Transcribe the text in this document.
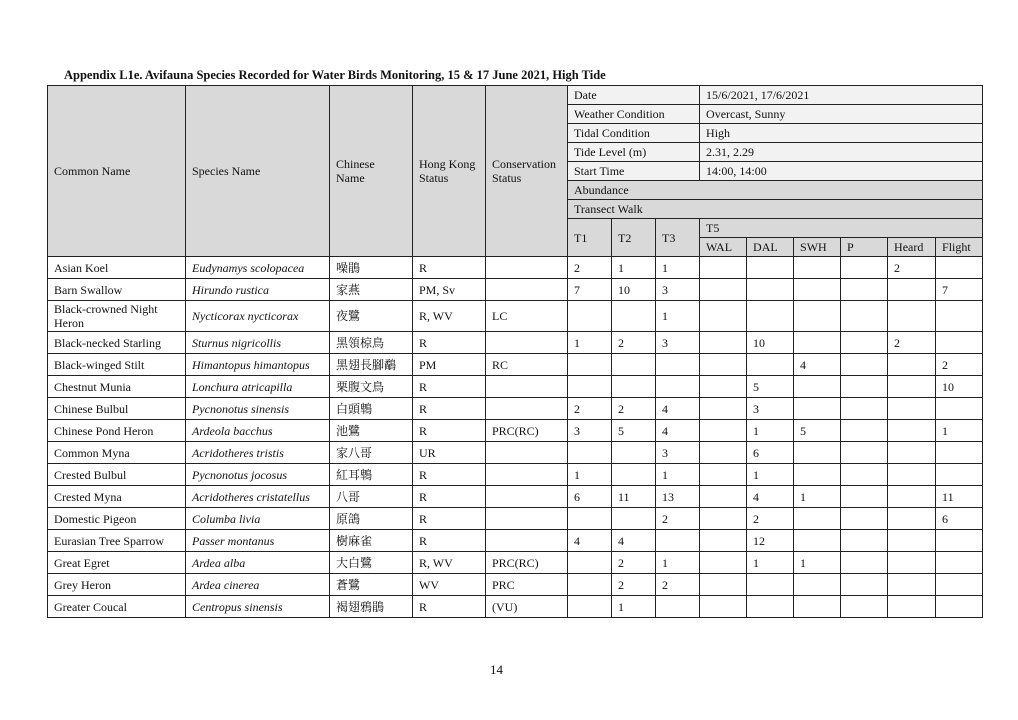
Appendix L1e. Avifauna Species Recorded for Water Birds Monitoring, 15 & 17 June 2021, High Tide
Common Name	Species Name	Chinese Name	Hong Kong Status	Conservation Status	Date			15/6/2021, 17/6/2021					
					Weather Condition			Overcast, Sunny					
					Tidal Condition			High					
					Tide Level (m)			2.31, 2.29					
					Start Time			14:00, 14:00					
					Abundance								
					Transect Walk								
					T1	T2	T3	T5					
								WAL	DAL	SWH	P	Heard	Flight
Asian Koel	Eudynamys scolopacea	噪鵑	R		2	1	1					2	
Barn Swallow	Hirundo rustica	家燕	PM, Sv		7	10	3						7
Black-crowned Night Heron	Nycticorax nycticorax	夜鷺	R, WV	LC			1						
Black-necked Starling	Sturnus nigricollis	黑領椋鳥	R		1	2	3		10			2	
Black-winged Stilt	Himantopus himantopus	黑翅長腳鷸	PM	RC						4			2
Chestnut Munia	Lonchura atricapilla	栗腹文鳥	R						5				10
Chinese Bulbul	Pycnonotus sinensis	白頭鵯	R		2	2	4		3				
Chinese Pond Heron	Ardeola bacchus	池鷺	R	PRC(RC)	3	5	4		1	5			1
Common Myna	Acridotheres tristis	家八哥	UR				3		6				
Crested Bulbul	Pycnonotus jocosus	紅耳鵯	R		1		1		1				
Crested Myna	Acridotheres cristatellus	八哥	R		6	11	13		4	1			11
Domestic Pigeon	Columba livia	原鴿	R				2		2				6
Eurasian Tree Sparrow	Passer montanus	樹麻雀	R		4	4			12				
Great Egret	Ardea alba	大白鷺	R, WV	PRC(RC)		2	1		1	1			
Grey Heron	Ardea cinerea	蒼鷺	WV	PRC		2	2						
Greater Coucal	Centropus sinensis	褐翅鴉鵑	R	(VU)		1							
14
